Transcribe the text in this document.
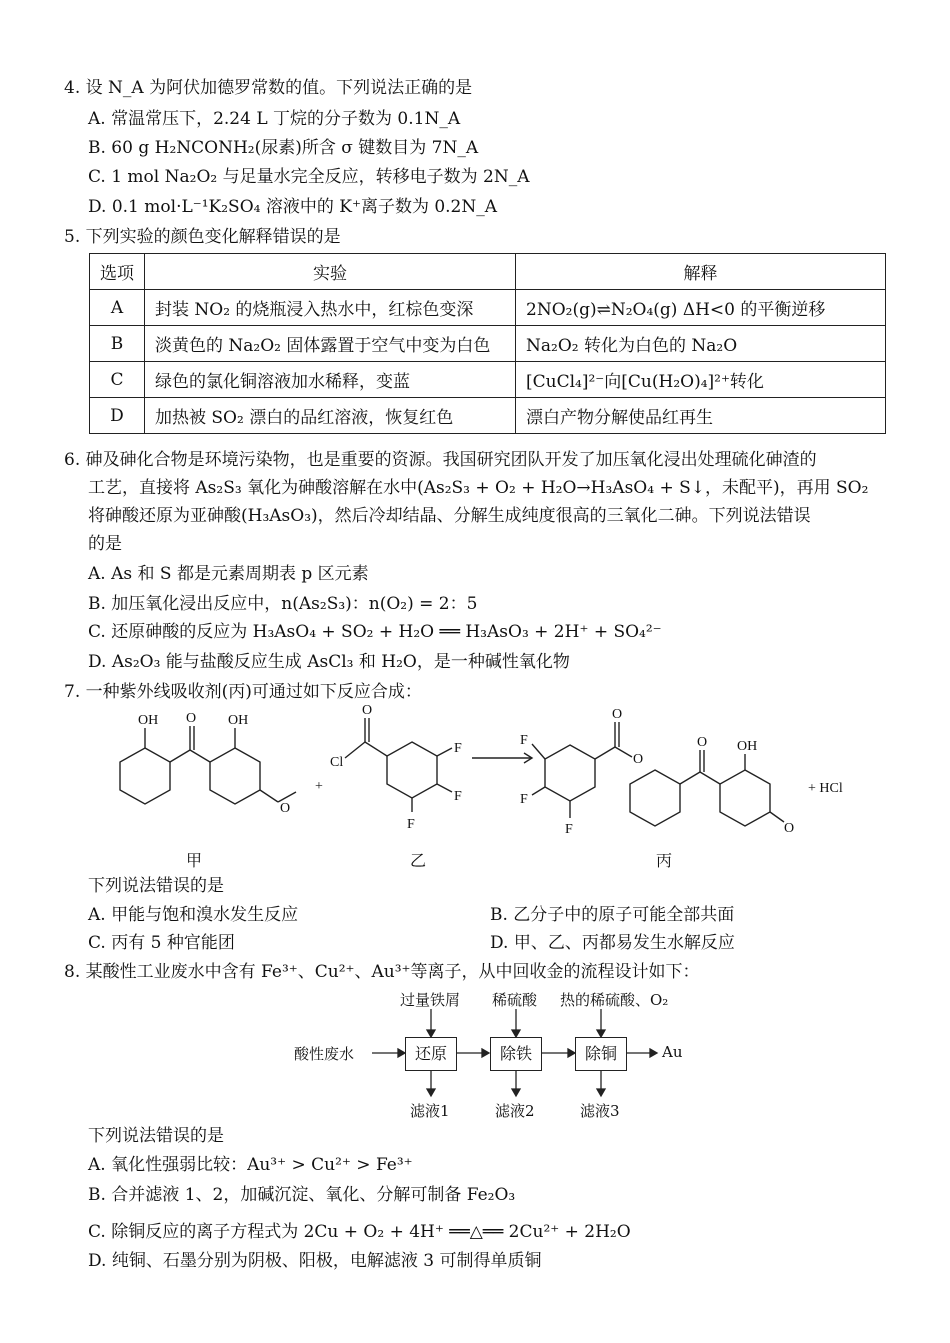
4. 设 N_A 为阿伏加德罗常数的值。下列说法正确的是
A. 常温常压下，2.24 L 丁烷的分子数为 0.1N_A
B. 60 g H₂NCONH₂(尿素)所含 σ 键数目为 7N_A
C. 1 mol Na₂O₂ 与足量水完全反应，转移电子数为 2N_A
D. 0.1 mol·L⁻¹K₂SO₄ 溶液中的 K⁺离子数为 0.2N_A
5. 下列实验的颜色变化解释错误的是
选项	实验	解释
A	封装 NO₂ 的烧瓶浸入热水中，红棕色变深	2NO₂(g)⇌N₂O₄(g) ΔH<0 的平衡逆移
B	淡黄色的 Na₂O₂ 固体露置于空气中变为白色	Na₂O₂ 转化为白色的 Na₂O
C	绿色的氯化铜溶液加水稀释，变蓝	[CuCl₄]²⁻向[Cu(H₂O)₄]²⁺转化
D	加热被 SO₂ 漂白的品红溶液，恢复红色	漂白产物分解使品红再生
6. 砷及砷化合物是环境污染物，也是重要的资源。我国研究团队开发了加压氧化浸出处理硫化砷渣的
工艺，直接将 As₂S₃ 氧化为砷酸溶解在水中(As₂S₃ + O₂ + H₂O→H₃AsO₄ + S↓，未配平)，再用 SO₂
将砷酸还原为亚砷酸(H₃AsO₃)，然后冷却结晶、分解生成纯度很高的三氧化二砷。下列说法错误
的是
A. As 和 S 都是元素周期表 p 区元素
B. 加压氧化浸出反应中，n(As₂S₃)：n(O₂) = 2：5
C. 还原砷酸的反应为 H₃AsO₄ + SO₂ + H₂O ══ H₃AsO₃ + 2H⁺ + SO₄²⁻
D. As₂O₃ 能与盐酸反应生成 AsCl₃ 和 H₂O，是一种碱性氧化物
7. 一种紫外线吸收剂(丙)可通过如下反应合成：
OH O OH
O
+
O
Cl
F
F
F
F
F
F
O
O
O OH
O
+ HCl
甲	乙	丙
下列说法错误的是
A. 甲能与饱和溴水发生反应	B. 乙分子中的原子可能全部共面
C. 丙有 5 种官能团	D. 甲、乙、丙都易发生水解反应
8. 某酸性工业废水中含有 Fe³⁺、Cu²⁺、Au³⁺等离子，从中回收金的流程设计如下：
酸性废水	还原	除铁	除铜	Au
过量铁屑 稀硫酸 热的稀硫酸、O₂
滤液1	滤液2	滤液3
下列说法错误的是
A. 氧化性强弱比较：Au³⁺ > Cu²⁺ > Fe³⁺
B. 合并滤液 1、2，加碱沉淀、氧化、分解可制备 Fe₂O₃
C. 除铜反应的离子方程式为 2Cu + O₂ + 4H⁺ ══△══ 2Cu²⁺ + 2H₂O
D. 纯铜、石墨分别为阴极、阳极，电解滤液 3 可制得单质铜
